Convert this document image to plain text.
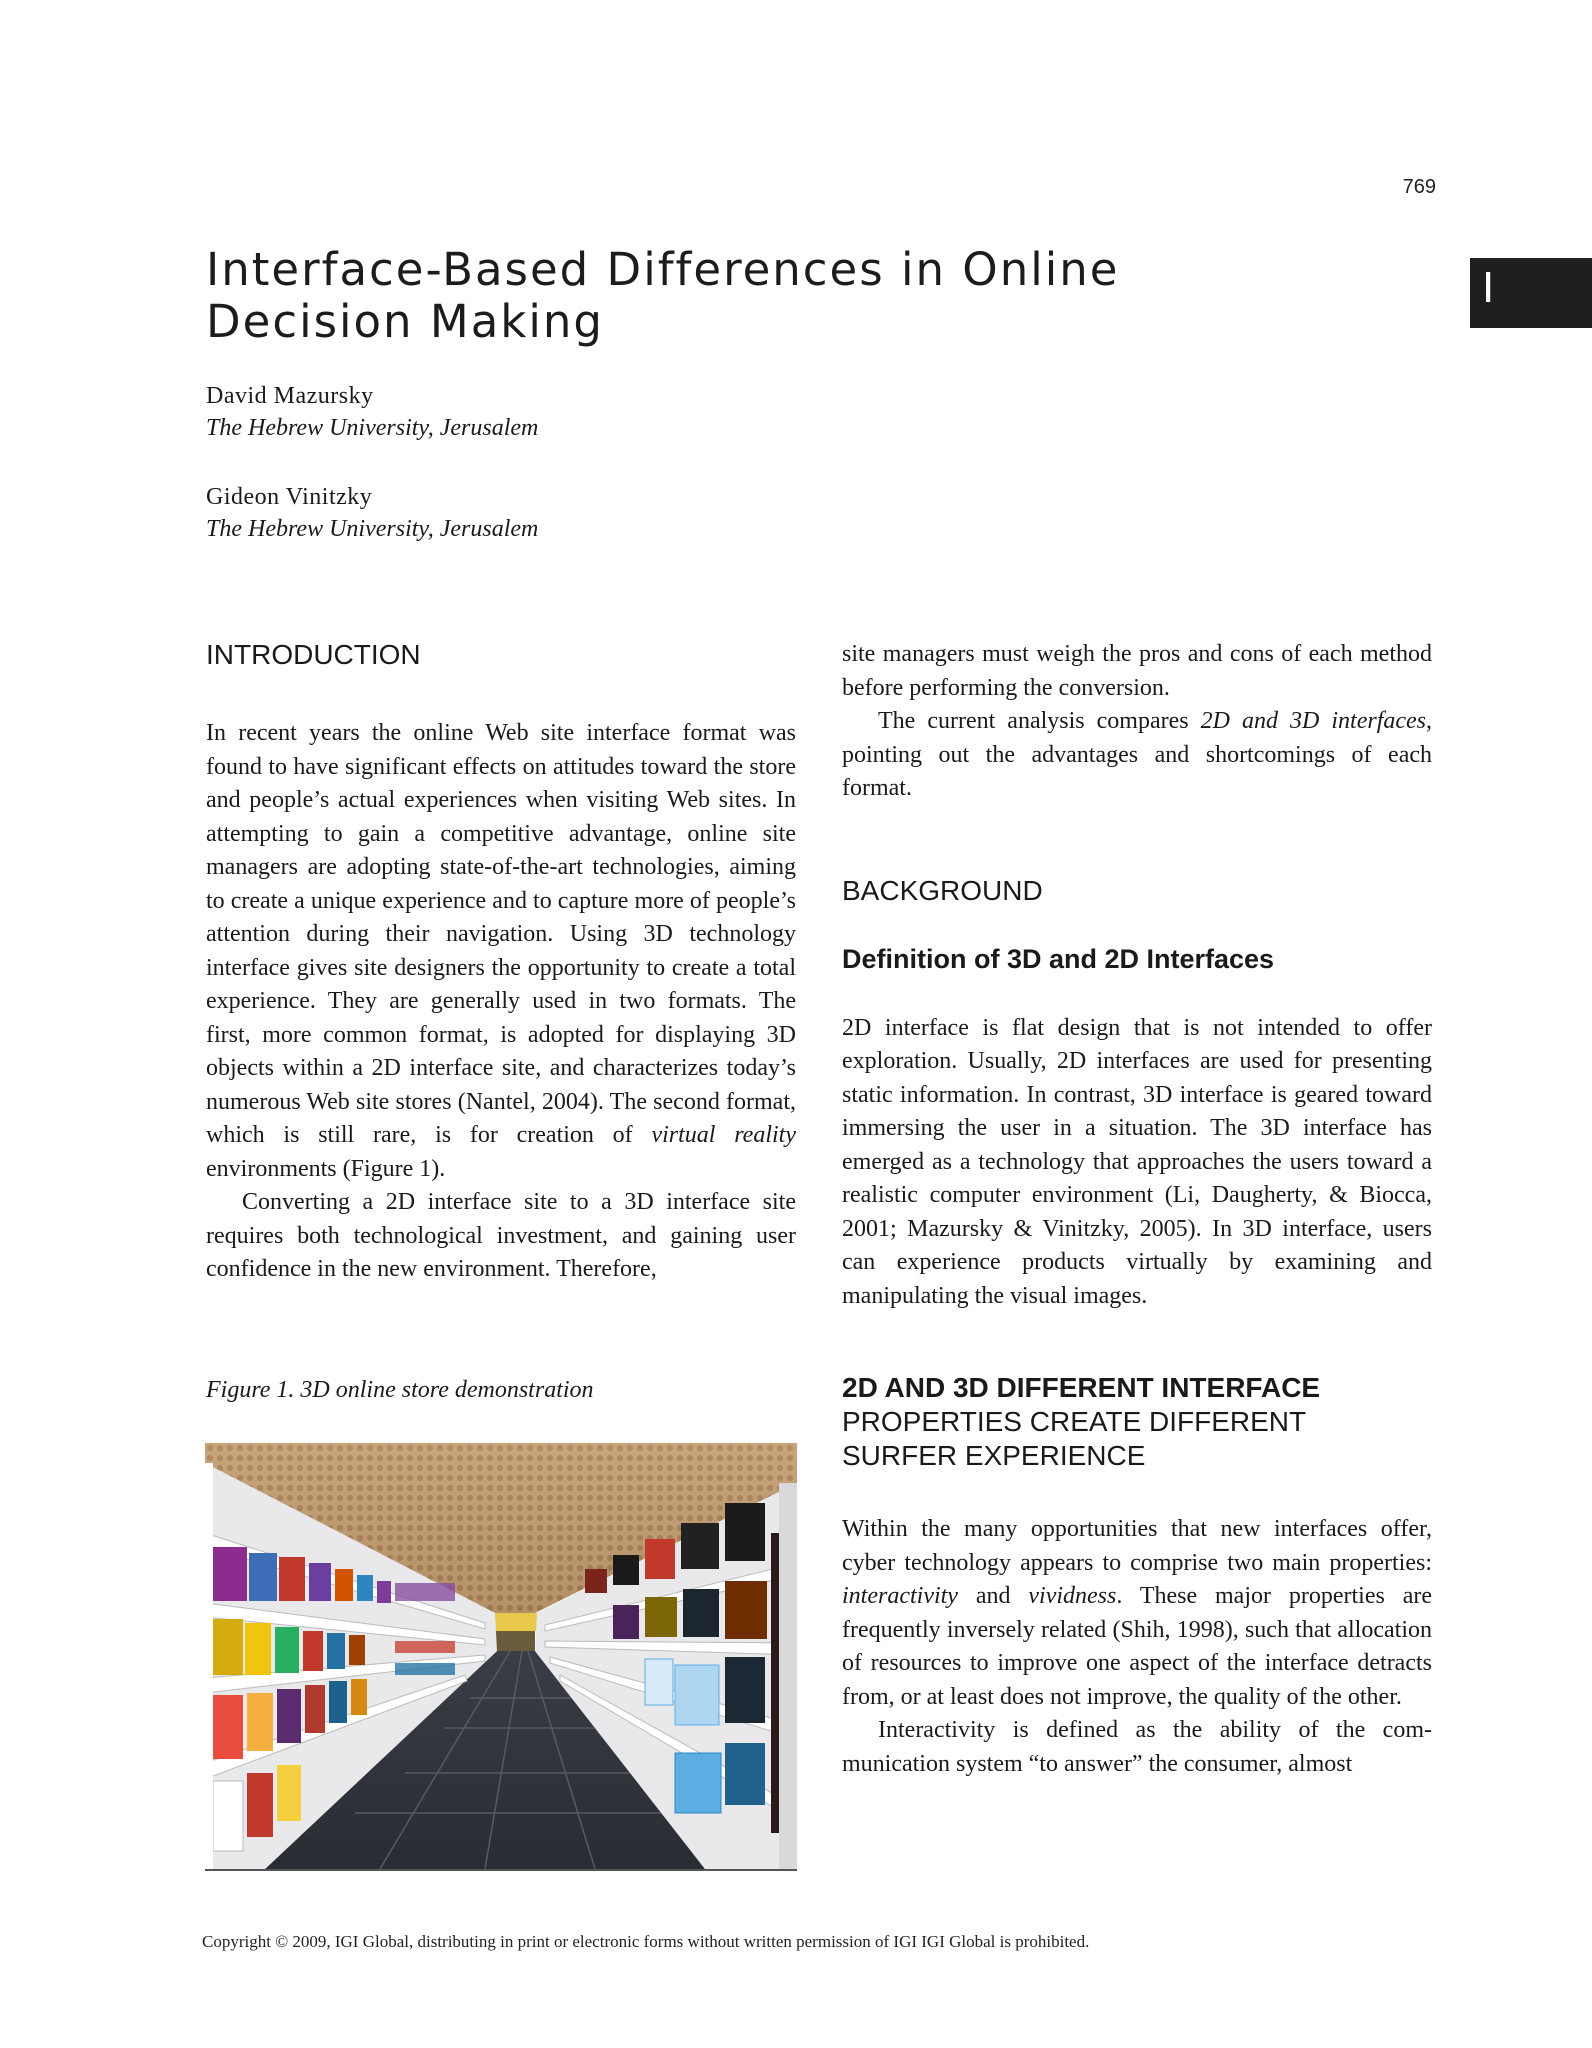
769
I
Interface-Based Differences in Online
Decision Making
David Mazursky
The Hebrew University, Jerusalem
Gideon Vinitzky
The Hebrew University, Jerusalem
INTRODUCTION

In recent years the online Web site interface format was found to have significant effects on attitudes toward the store and people’s actual experiences when visiting Web sites. In attempting to gain a competitive advantage, online site managers are adopting state-of-the-art technologies, aiming to create a unique experience and to capture more of people’s attention during their navigation. Using 3D technology interface gives site designers the opportunity to create a total experience. They are generally used in two formats. The first, more common format, is adopted for displaying 3D objects within a 2D interface site, and characterizes today’s numerous Web site stores (Nantel, 2004). The second format, which is still rare, is for creation of virtual reality environments (Figure 1).

Converting a 2D interface site to a 3D interface site requires both technological investment, and gaining user confidence in the new environment. Therefore,

Figure 1. 3D online store demonstration

site managers must weigh the pros and cons of each method before performing the conversion.

The current analysis compares 2D and 3D interfaces, pointing out the advantages and shortcomings of each format.

BACKGROUND
Definition of 3D and 2D Interfaces

2D interface is flat design that is not intended to offer exploration. Usually, 2D interfaces are used for presenting static information. In contrast, 3D interface is geared toward immersing the user in a situation. The 3D interface has emerged as a technology that approaches the users toward a realistic computer environment (Li, Daugherty, & Biocca, 2001; Mazursky & Vinitzky, 2005). In 3D interface, users can experience products virtually by examining and manipulating the visual images.

2D AND 3D DIFFERENT INTERFACE
PROPERTIES CREATE DIFFERENT
SURFER EXPERIENCE

Within the many opportunities that new interfaces offer, cyber technology appears to comprise two main properties: interactivity and vividness. These major properties are frequently inversely related (Shih, 1998), such that allocation of resources to improve one aspect of the interface detracts from, or at least does not improve, the quality of the other.

Interactivity is defined as the ability of the communication system “to answer” the consumer, almost

Copyright © 2009, IGI Global, distributing in print or electronic forms without written permission of IGI IGI Global is prohibited.
